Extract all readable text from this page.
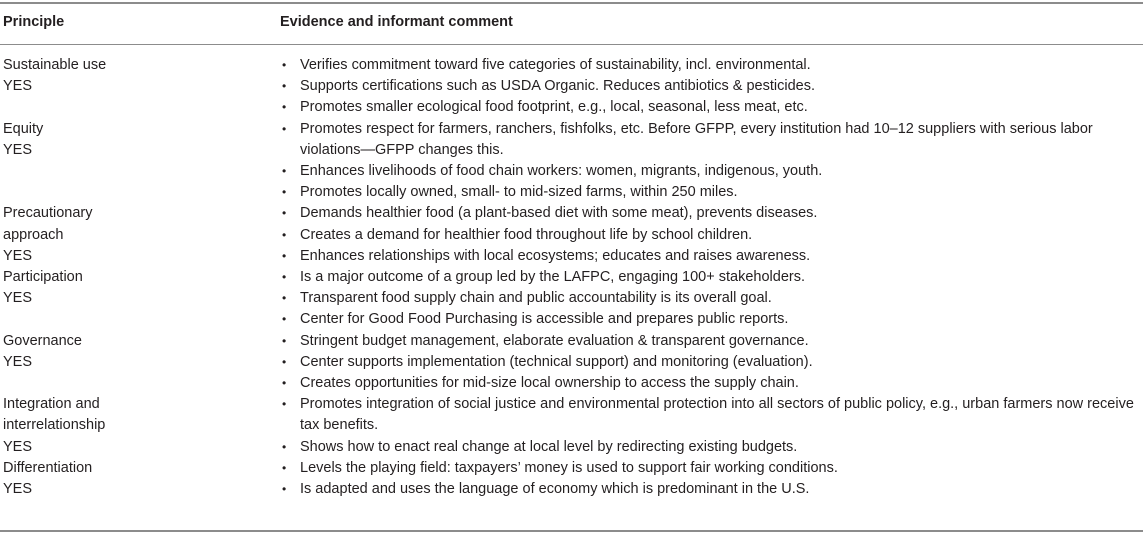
Principle	Evidence and informant comment
Sustainable use
YES
• Verifies commitment toward five categories of sustainability, incl. environmental.
• Supports certifications such as USDA Organic. Reduces antibiotics & pesticides.
• Promotes smaller ecological food footprint, e.g., local, seasonal, less meat, etc.
Equity
YES
• Promotes respect for farmers, ranchers, fishfolks, etc. Before GFPP, every institution had 10–12 suppliers with serious labor violations—GFPP changes this.
• Enhances livelihoods of food chain workers: women, migrants, indigenous, youth.
• Promotes locally owned, small- to mid-sized farms, within 250 miles.
Precautionary
approach
YES
• Demands healthier food (a plant-based diet with some meat), prevents diseases.
• Creates a demand for healthier food throughout life by school children.
• Enhances relationships with local ecosystems; educates and raises awareness.
Participation
YES
• Is a major outcome of a group led by the LAFPC, engaging 100+ stakeholders.
• Transparent food supply chain and public accountability is its overall goal.
• Center for Good Food Purchasing is accessible and prepares public reports.
Governance
YES
• Stringent budget management, elaborate evaluation & transparent governance.
• Center supports implementation (technical support) and monitoring (evaluation).
• Creates opportunities for mid-size local ownership to access the supply chain.
Integration and
interrelationship
YES
• Promotes integration of social justice and environmental protection into all sectors of public policy, e.g., urban farmers now receive tax benefits.
• Shows how to enact real change at local level by redirecting existing budgets.
Differentiation
YES
• Levels the playing field: taxpayers’ money is used to support fair working conditions.
• Is adapted and uses the language of economy which is predominant in the U.S.
